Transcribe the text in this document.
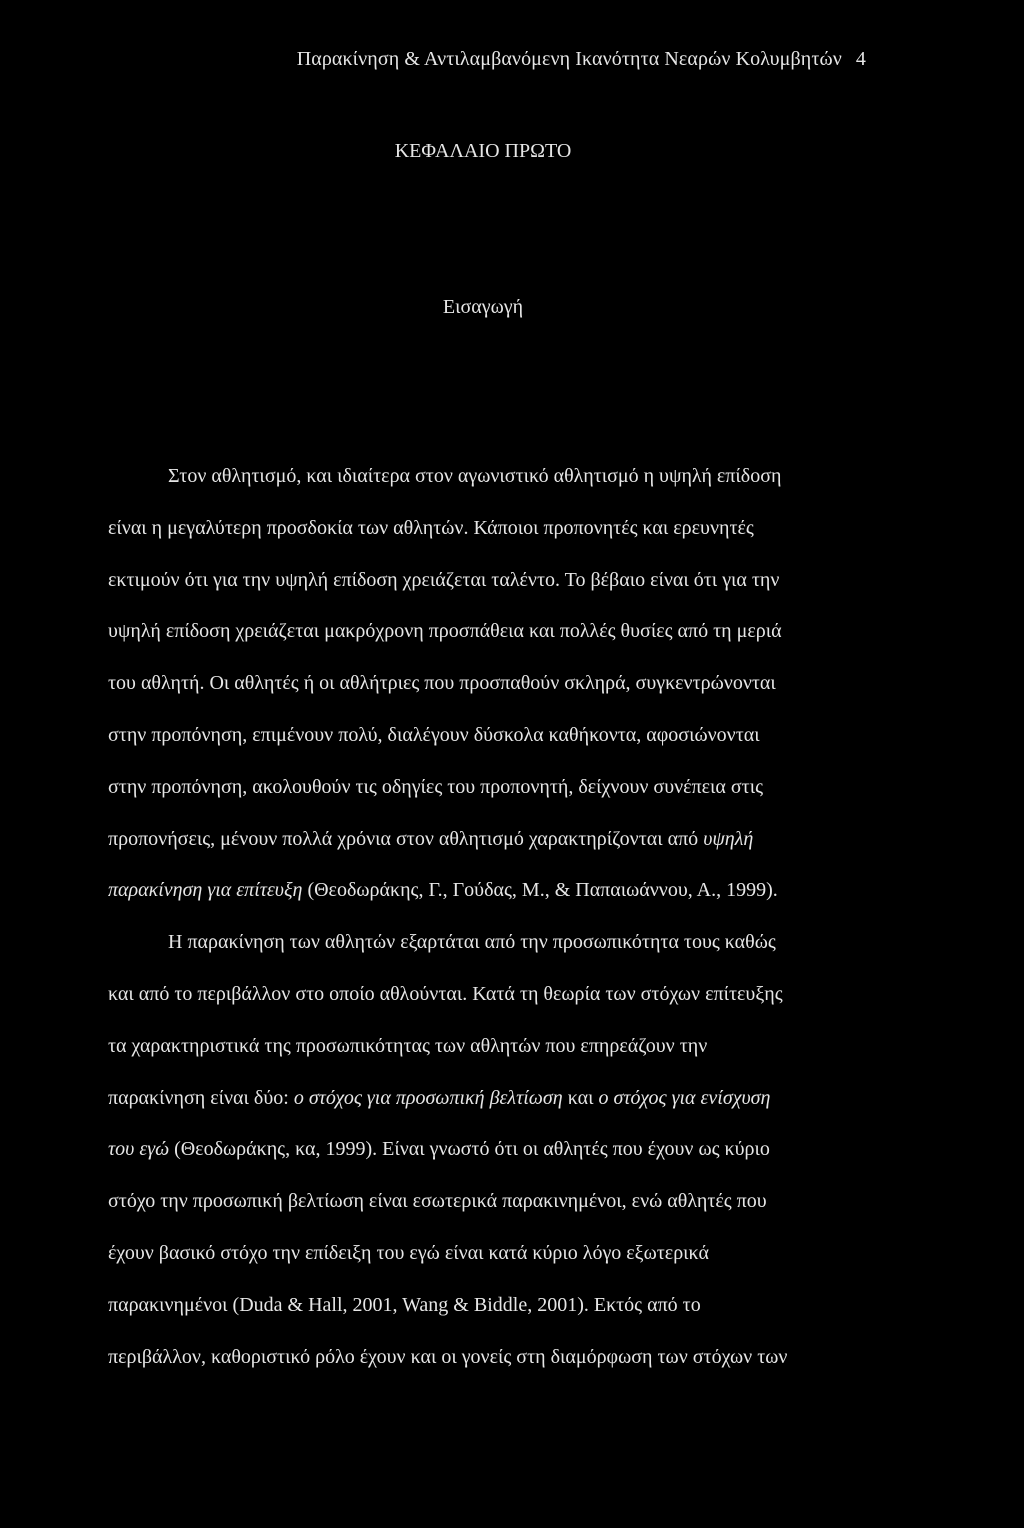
Παρακίνηση & Αντιλαμβανόμενη Ικανότητα Νεαρών Κολυμβητών 4
ΚΕΦΑΛΑΙΟ ΠΡΩΤΟ
Εισαγωγή
Στον αθλητισμό, και ιδιαίτερα στον αγωνιστικό αθλητισμό η υψηλή επίδοση
είναι η μεγαλύτερη προσδοκία των αθλητών. Κάποιοι προπονητές και ερευνητές
εκτιμούν ότι για την υψηλή επίδοση χρειάζεται ταλέντο. Το βέβαιο είναι ότι για την
υψηλή επίδοση χρειάζεται μακρόχρονη προσπάθεια και πολλές θυσίες από τη μεριά
του αθλητή. Οι αθλητές ή οι αθλήτριες που προσπαθούν σκληρά, συγκεντρώνονται
στην προπόνηση, επιμένουν πολύ, διαλέγουν δύσκολα καθήκοντα, αφοσιώνονται
στην προπόνηση, ακολουθούν τις οδηγίες του προπονητή, δείχνουν συνέπεια στις
προπονήσεις, μένουν πολλά χρόνια στον αθλητισμό χαρακτηρίζονται από υψηλή
παρακίνηση για επίτευξη (Θεοδωράκης, Γ., Γούδας, Μ., & Παπαιωάννου, Α., 1999).
Η παρακίνηση των αθλητών εξαρτάται από την προσωπικότητα τους καθώς
και από το περιβάλλον στο οποίο αθλούνται. Κατά τη θεωρία των στόχων επίτευξης
τα χαρακτηριστικά της προσωπικότητας των αθλητών που επηρεάζουν την
παρακίνηση είναι δύο: ο στόχος για προσωπική βελτίωση και ο στόχος για ενίσχυση
του εγώ (Θεοδωράκης, κα, 1999). Είναι γνωστό ότι οι αθλητές που έχουν ως κύριο
στόχο την προσωπική βελτίωση είναι εσωτερικά παρακινημένοι, ενώ αθλητές που
έχουν βασικό στόχο την επίδειξη του εγώ είναι κατά κύριο λόγο εξωτερικά
παρακινημένοι (Duda & Hall, 2001, Wang & Biddle, 2001). Εκτός από το
περιβάλλον, καθοριστικό ρόλο έχουν και οι γονείς στη διαμόρφωση των στόχων των
